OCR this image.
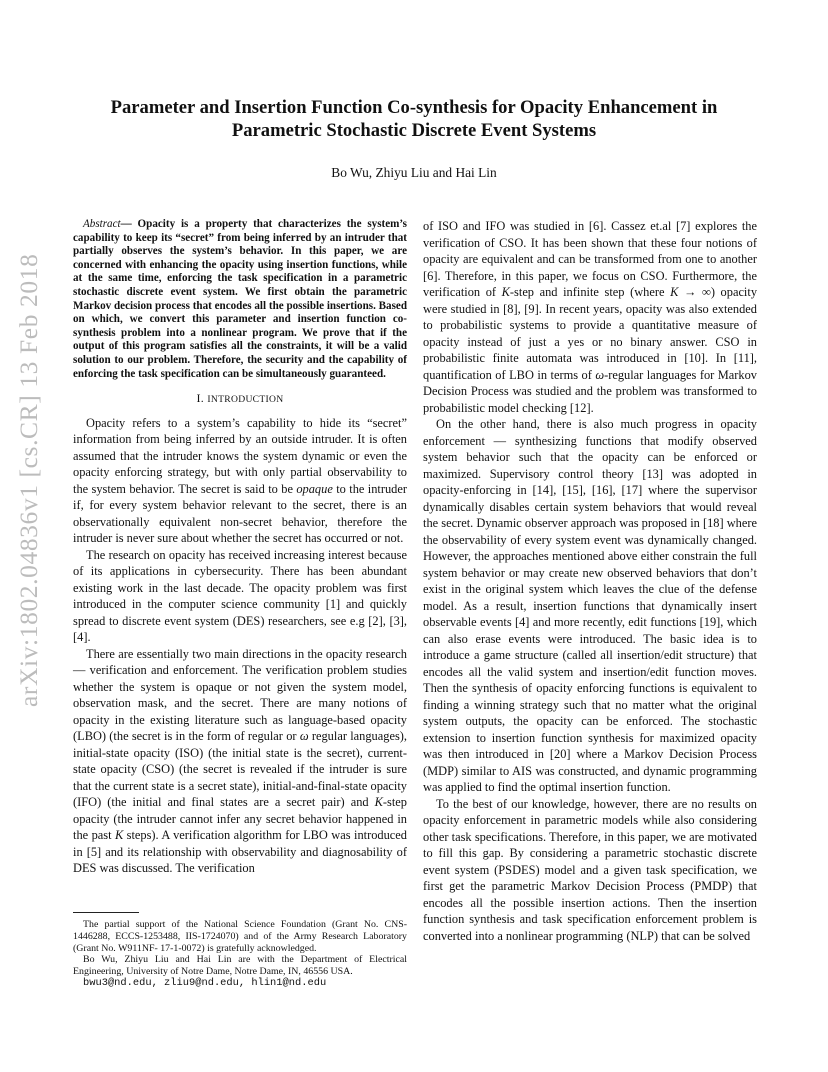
arXiv:1802.04836v1 [cs.CR] 13 Feb 2018
Parameter and Insertion Function Co-synthesis for Opacity Enhancement in
Parametric Stochastic Discrete Event Systems
Bo Wu, Zhiyu Liu and Hai Lin

Abstract— Opacity is a property that characterizes the system’s capability to keep its “secret” from being inferred by an intruder that partially observes the system’s behavior. In this paper, we are concerned with enhancing the opacity using insertion functions, while at the same time, enforcing the task specification in a parametric stochastic discrete event system. We first obtain the parametric Markov decision process that encodes all the possible insertions. Based on which, we convert this parameter and insertion function co-synthesis problem into a nonlinear program. We prove that if the output of this program satisfies all the constraints, it will be a valid solution to our problem. Therefore, the security and the capability of enforcing the task specification can be simultaneously guaranteed.

I. INTRODUCTION

Opacity refers to a system’s capability to hide its “secret” information from being inferred by an outside intruder. It is often assumed that the intruder knows the system dynamic or even the opacity enforcing strategy, but with only partial observability to the system behavior. The secret is said to be opaque to the intruder if, for every system behavior relevant to the secret, there is an observationally equivalent non-secret behavior, therefore the intruder is never sure about whether the secret has occurred or not.

The research on opacity has received increasing interest because of its applications in cybersecurity. There has been abundant existing work in the last decade. The opacity problem was first introduced in the computer science community [1] and quickly spread to discrete event system (DES) researchers, see e.g [2], [3], [4].

There are essentially two main directions in the opacity research — verification and enforcement. The verification problem studies whether the system is opaque or not given the system model, observation mask, and the secret. There are many notions of opacity in the existing literature such as language-based opacity (LBO) (the secret is in the form of regular or ω regular languages), initial-state opacity (ISO) (the initial state is the secret), current-state opacity (CSO) (the secret is revealed if the intruder is sure that the current state is a secret state), initial-and-final-state opacity (IFO) (the initial and final states are a secret pair) and K-step opacity (the intruder cannot infer any secret behavior happened in the past K steps). A verification algorithm for LBO was introduced in [5] and its relationship with observability and diagnosability of DES was discussed. The verification

The partial support of the National Science Foundation (Grant No. CNS-1446288, ECCS-1253488, IIS-1724070) and of the Army Research Laboratory (Grant No. W911NF- 17-1-0072) is gratefully acknowledged.

Bo Wu, Zhiyu Liu and Hai Lin are with the Department of Electrical Engineering, University of Notre Dame, Notre Dame, IN, 46556 USA.

bwu3@nd.edu, zliu9@nd.edu, hlin1@nd.edu

of ISO and IFO was studied in [6]. Cassez et.al [7] explores the verification of CSO. It has been shown that these four notions of opacity are equivalent and can be transformed from one to another [6]. Therefore, in this paper, we focus on CSO. Furthermore, the verification of K-step and infinite step (where K → ∞) opacity were studied in [8], [9]. In recent years, opacity was also extended to probabilistic systems to provide a quantitative measure of opacity instead of just a yes or no binary answer. CSO in probabilistic finite automata was introduced in [10]. In [11], quantification of LBO in terms of ω-regular languages for Markov Decision Process was studied and the problem was transformed to probabilistic model checking [12].

On the other hand, there is also much progress in opacity enforcement — synthesizing functions that modify observed system behavior such that the opacity can be enforced or maximized. Supervisory control theory [13] was adopted in opacity-enforcing in [14], [15], [16], [17] where the supervisor dynamically disables certain system behaviors that would reveal the secret. Dynamic observer approach was proposed in [18] where the observability of every system event was dynamically changed. However, the approaches mentioned above either constrain the full system behavior or may create new observed behaviors that don’t exist in the original system which leaves the clue of the defense model. As a result, insertion functions that dynamically insert observable events [4] and more recently, edit functions [19], which can also erase events were introduced. The basic idea is to introduce a game structure (called all insertion/edit structure) that encodes all the valid system and insertion/edit function moves. Then the synthesis of opacity enforcing functions is equivalent to finding a winning strategy such that no matter what the original system outputs, the opacity can be enforced. The stochastic extension to insertion function synthesis for maximized opacity was then introduced in [20] where a Markov Decision Process (MDP) similar to AIS was constructed, and dynamic programming was applied to find the optimal insertion function.

To the best of our knowledge, however, there are no results on opacity enforcement in parametric models while also considering other task specifications. Therefore, in this paper, we are motivated to fill this gap. By considering a parametric stochastic discrete event system (PSDES) model and a given task specification, we first get the parametric Markov Decision Process (PMDP) that encodes all the possible insertion actions. Then the insertion function synthesis and task specification enforcement problem is converted into a nonlinear programming (NLP) that can be solved
